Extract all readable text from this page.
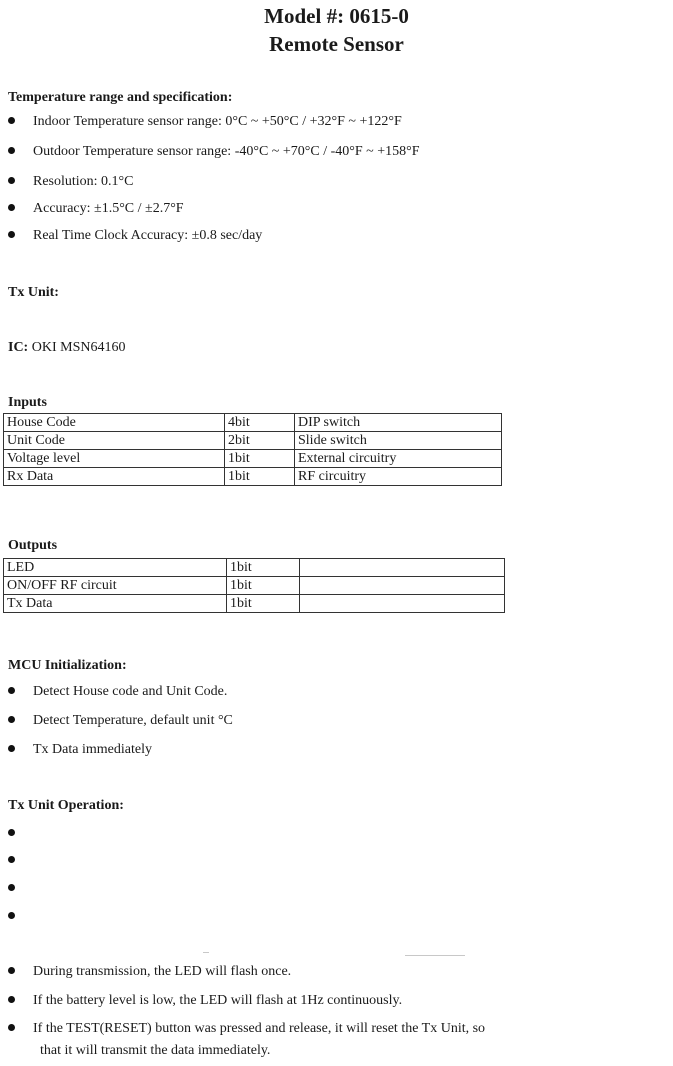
Model #: 0615-0
Remote Sensor
Temperature range and specification:
Indoor Temperature sensor range: 0°C ~ +50°C / +32°F ~ +122°F
Outdoor Temperature sensor range: -40°C ~ +70°C / -40°F ~ +158°F
Resolution: 0.1°C
Accuracy: ±1.5°C / ±2.7°F
Real Time Clock Accuracy: ±0.8 sec/day
Tx Unit:
IC: OKI MSN64160
Inputs
House Code	4bit	DIP switch
Unit Code	2bit	Slide switch
Voltage level	1bit	External circuitry
Rx Data	1bit	RF circuitry
Outputs
LED	1bit	
ON/OFF RF circuit	1bit	
Tx Data	1bit	
MCU Initialization:
Detect House code and Unit Code.
Detect Temperature, default unit °C
Tx Data immediately
Tx Unit Operation:
During transmission, the LED will flash once.
If the battery level is low, the LED will flash at 1Hz continuously.
If the TEST(RESET) button was pressed and release, it will reset the Tx Unit, so
that it will transmit the data immediately.
